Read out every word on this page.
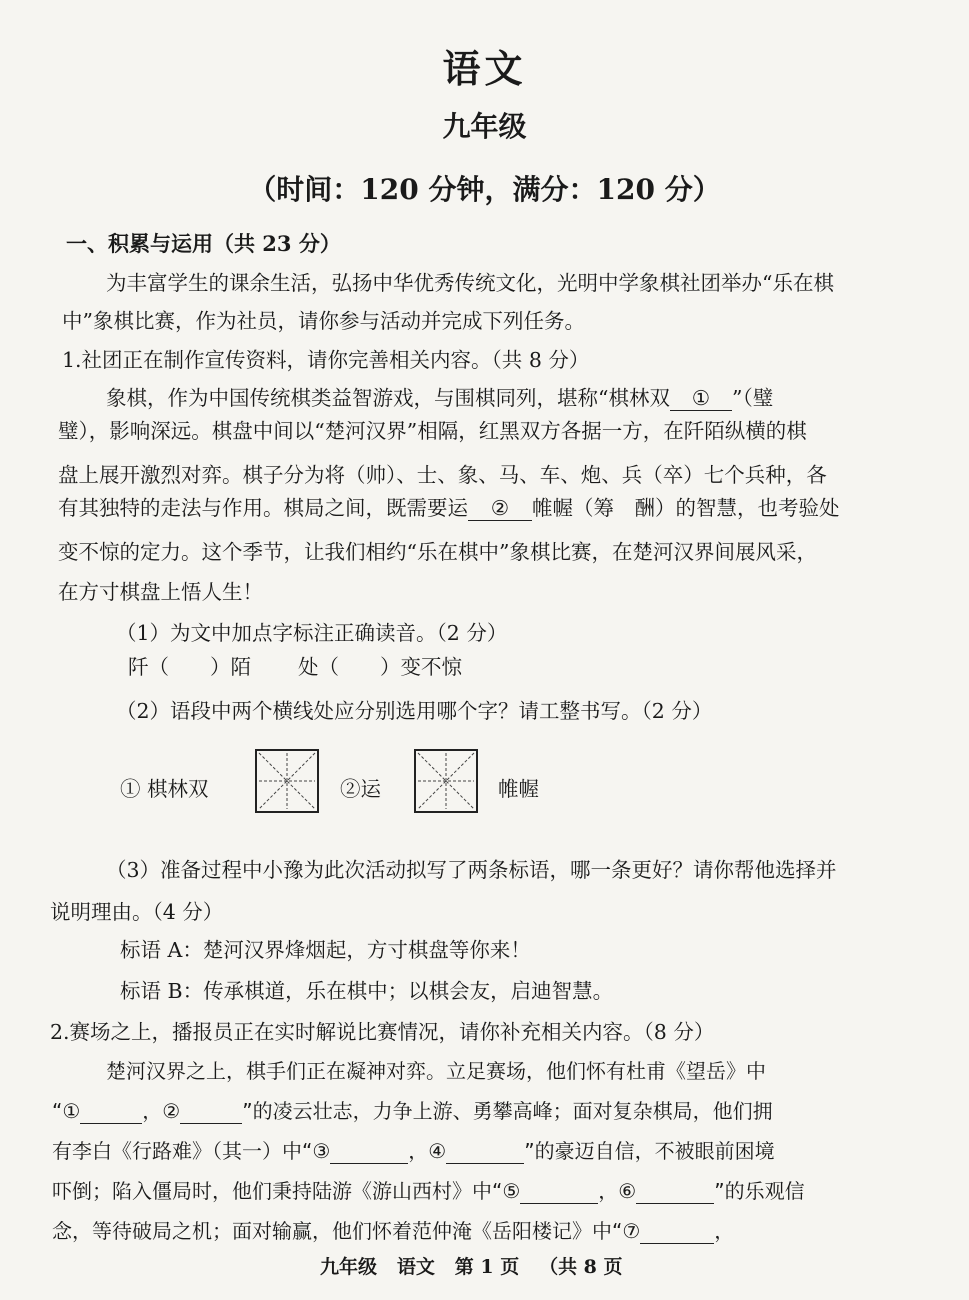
语文
九年级
（时间：120 分钟，满分：120 分）
一、积累与运用（共 23 分）
为丰富学生的课余生活，弘扬中华优秀传统文化，光明中学象棋社团举办“乐在棋
中”象棋比赛，作为社员，请你参与活动并完成下列任务。
1.社团正在制作宣传资料，请你完善相关内容。（共 8 分）
象棋，作为中国传统棋类益智游戏，与围棋同列，堪称“棋林双 ① ”（璧
璧），影响深远。棋盘中间以“楚河汉界”相隔，红黑双方各据一方，在阡陌纵横的棋
盘上展开激烈对弈。棋子分为将（帅）、士、象、马、车、炮、兵（卒）七个兵种，各
有其独特的走法与作用。棋局之间，既需要运 ② 帷幄（筹　酬）的智慧，也考验处
变不惊的定力。这个季节，让我们相约“乐在棋中”象棋比赛，在楚河汉界间展风采，
在方寸棋盘上悟人生！
（1）为文中加点字标注正确读音。（2 分）
阡（　　）陌 处（　　）变不惊
（2）语段中两个横线处应分别选用哪个字？请工整书写。（2 分）
① 棋林双	②运	帷幄
（3）准备过程中小豫为此次活动拟写了两条标语，哪一条更好？请你帮他选择并
说明理由。（4 分）
标语 A：楚河汉界烽烟起，方寸棋盘等你来！
标语 B：传承棋道，乐在棋中；以棋会友，启迪智慧。
2.赛场之上，播报员正在实时解说比赛情况，请你补充相关内容。（8 分）
楚河汉界之上，棋手们正在凝神对弈。立足赛场，他们怀有杜甫《望岳》中
“①	，②	”的凌云壮志，力争上游、勇攀高峰；面对复杂棋局，他们拥
有李白《行路难》（其一）中“③	，④	”的豪迈自信，不被眼前困境
吓倒；陷入僵局时，他们秉持陆游《游山西村》中“⑤	，⑥	”的乐观信
念，等待破局之机；面对输赢，他们怀着范仲淹《岳阳楼记》中“⑦	，
九年级 语文 第 1 页 （共 8 页
